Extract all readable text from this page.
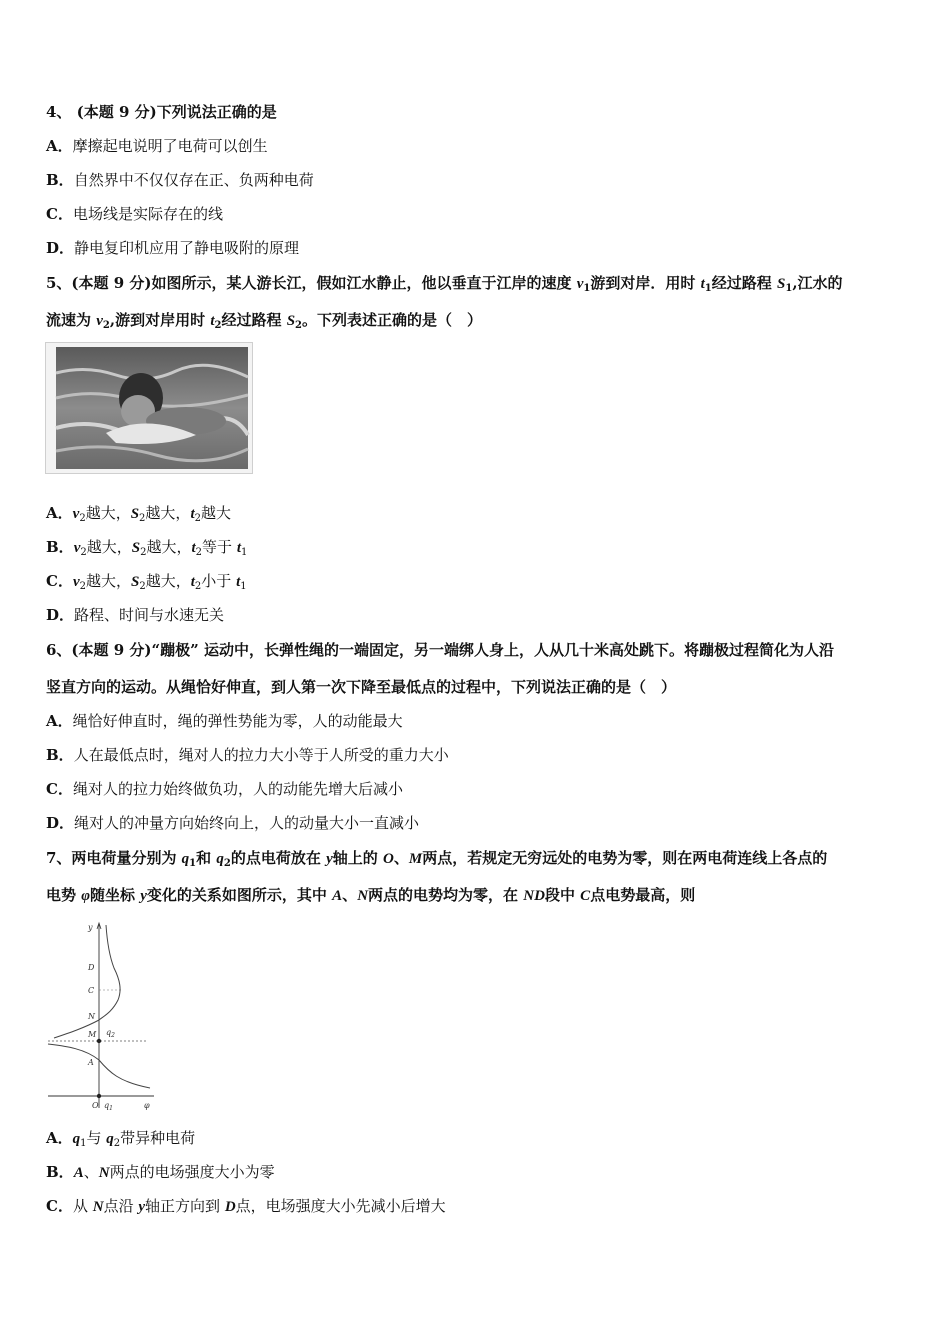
4、 (本题 9 分)下列说法正确的是
A．摩擦起电说明了电荷可以创生
B．自然界中不仅仅存在正、负两种电荷
C．电场线是实际存在的线
D．静电复印机应用了静电吸附的原理
5、(本题 9 分)如图所示，某人游长江，假如江水静止，他以垂直于江岸的速度 $v_1$游到对岸．用时 $t_1$经过路程 $S_1$,江水的
流速为 $v_2$,游到对岸用时 $t_2$经过路程 $S_2$。下列表述正确的是（　）
A．$v_2$越大，$S_2$越大，$t_2$越大
B．$v_2$越大，$S_2$越大，$t_2$等于 $t_1$
C．$v_2$越大，$S_2$越大，$t_2$小于 $t_1$
D．路程、时间与水速无关
6、(本题 9 分)“蹦极” 运动中，长弹性绳的一端固定，另一端绑人身上，人从几十米高处跳下。将蹦极过程简化为人沿
竖直方向的运动。从绳恰好伸直，到人第一次下降至最低点的过程中，下列说法正确的是（　）
A．绳恰好伸直时，绳的弹性势能为零，人的动能最大
B．人在最低点时，绳对人的拉力大小等于人所受的重力大小
C．绳对人的拉力始终做负功，人的动能先增大后减小
D．绳对人的冲量方向始终向上，人的动量大小一直减小
7、两电荷量分别为 $q_1$和 $q_2$的点电荷放在 y轴上的 O、M两点，若规定无穷远处的电势为零，则在两电荷连线上各点的
电势 φ随坐标 y变化的关系如图所示，其中 A、N两点的电势均为零，在 ND段中 C点电势最高，则
y
D
C
N
M $q_2$
A
O $q_1$	φ
A．$q_1$与 $q_2$带异种电荷
B．A、N两点的电场强度大小为零
C．从 N点沿 y轴正方向到 D点，电场强度大小先减小后增大
